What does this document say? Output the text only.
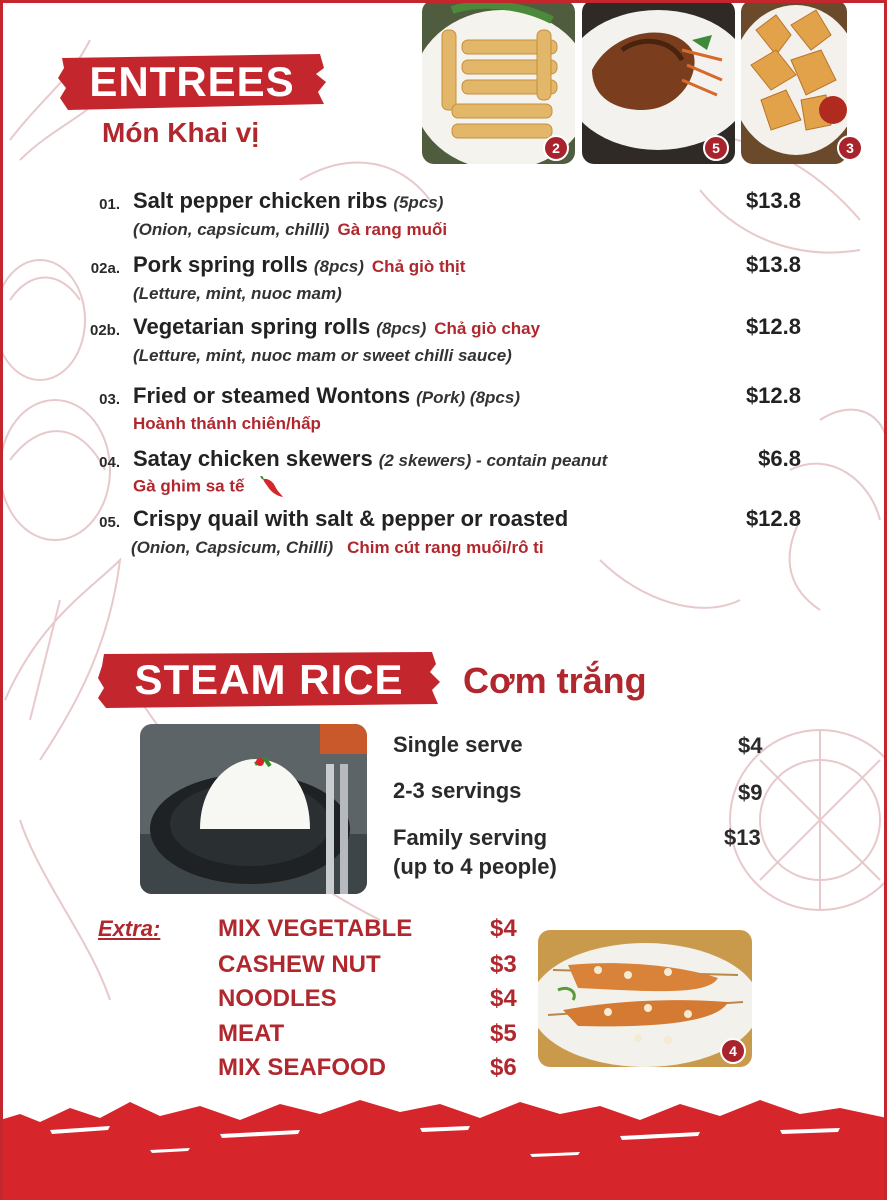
ENTREES
Món Khai vị	2	5	3
01. Salt pepper chicken ribs (5pcs)
(Onion, capsicum, chilli) Gà rang muối
$13.8
02a. Pork spring rolls (8pcs) Chả giò thịt
(Letture, mint, nuoc mam)
$13.8
02b. Vegetarian spring rolls (8pcs) Chả giò chay
(Letture, mint, nuoc mam or sweet chilli sauce)
$12.8
03. Fried or steamed Wontons (Pork) (8pcs)
Hoành thánh chiên/hấp
$12.8
04. Satay chicken skewers (2 skewers) - contain peanut
Gà ghim sa tế
$6.8
05. Crispy quail with salt & pepper or roasted
(Onion, Capsicum, Chilli) Chim cút rang muối/rô ti
$12.8
STEAM RICE Cơm trắng
Single serve	$4
2-3 servings	$9
Family serving
(up to 4 people)
$13
Extra: MIX VEGETABLE	$4
CASHEW NUT	$3
NOODLES	$4
MEAT	$5
MIX SEAFOOD	$6
4
